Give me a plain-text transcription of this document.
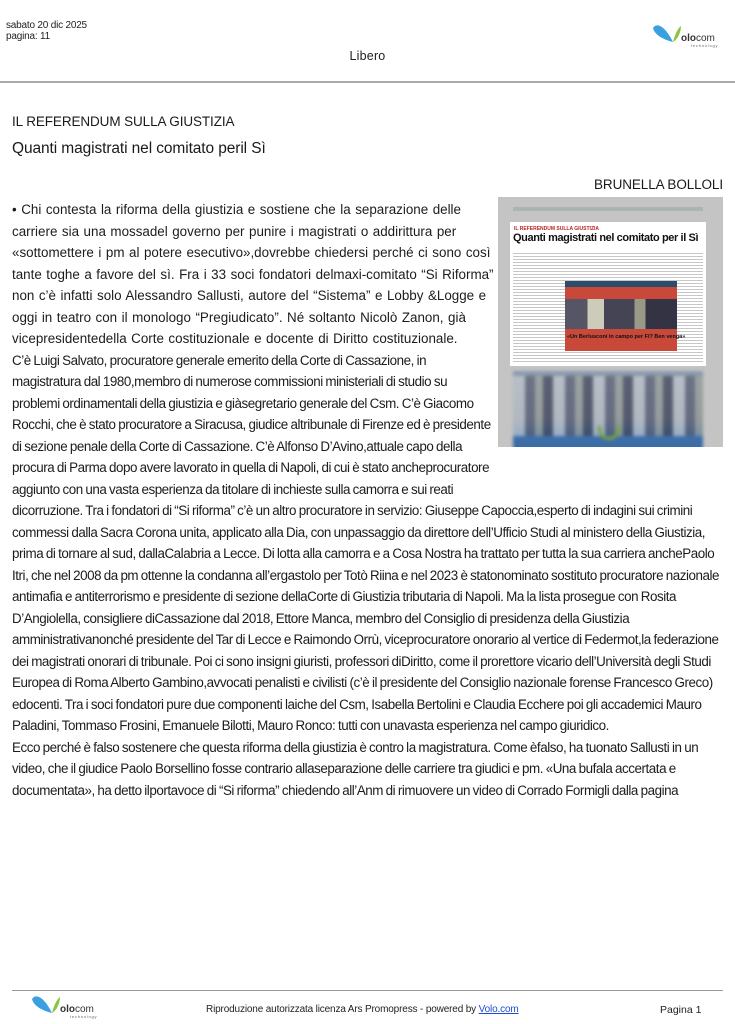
sabato 20 dic 2025
pagina: 11	olocom
technology
Libero
IL REFERENDUM SULLA GIUSTIZIA
Quanti magistrati nel comitato peril Sì
BRUNELLA BOLLOLI
IL REFERENDUM SULLA GIUSTIZIA
Quanti magistrati nel comitato per il Sì
«Un Berlusconi in campo per FI? Ben venga»

• Chi contesta la riforma della giustizia e sostiene che la separazione delle carriere sia una mossadel governo per punire i magistrati o addirittura per «sottomettere i pm al potere esecutivo»,dovrebbe chiedersi perché ci sono così tante toghe a favore del sì. Fra i 33 soci fondatori delmaxi-comitato “Si Riforma” non c’è infatti solo Alessandro Sallusti, autore del “Sistema” e Lobby &Logge e oggi in teatro con il monologo “Pregiudicato”. Né soltanto Nicolò Zanon, già vicepresidentedella Corte costituzionale e docente di Diritto costituzionale.

C’è Luigi Salvato, procuratore generale emerito della Corte di Cassazione, in magistratura dal 1980,membro di numerose commissioni ministeriali di studio su problemi ordinamentali della giustizia e giàsegretario generale del Csm. C’è Giacomo Rocchi, che è stato procuratore a Siracusa, giudice altribunale di Firenze ed è presidente di sezione penale della Corte di Cassazione. C’è Alfonso D’Avino,attuale capo della procura di Parma dopo avere lavorato in quella di Napoli, di cui è stato ancheprocuratore aggiunto con una vasta esperienza da titolare di inchieste sulla camorra e sui reati dicorruzione. Tra i fondatori di “Si riforma” c’è un altro procuratore in servizio: Giuseppe Capoccia,esperto di indagini sui crimini commessi dalla Sacra Corona unita, applicato alla Dia, con unpassaggio da direttore dell’Ufficio Studi al ministero della Giustizia, prima di tornare al sud, dallaCalabria a Lecce. Di lotta alla camorra e a Cosa Nostra ha trattato per tutta la sua carriera anchePaolo Itri, che nel 2008 da pm ottenne la condanna all’ergastolo per Totò Riina e nel 2023 è statonominato sostituto procuratore nazionale antimafia e antiterrorismo e presidente di sezione dellaCorte di Giustizia tributaria di Napoli. Ma la lista prosegue con Rosita D’Angiolella, consigliere diCassazione dal 2018, Ettore Manca, membro del Consiglio di presidenza della Giustizia amministrativanonché presidente del Tar di Lecce e Raimondo Orrù, viceprocuratore onorario al vertice di Federmot,la federazione dei magistrati onorari di tribunale. Poi ci sono insigni giuristi, professori diDiritto, come il prorettore vicario dell’Università degli Studi Europea di Roma Alberto Gambino,avvocati penalisti e civilisti (c’è il presidente del Consiglio nazionale forense Francesco Greco) edocenti. Tra i soci fondatori pure due componenti laiche del Csm, Isabella Bertolini e Claudia Ecchere poi gli accademici Mauro Paladini, Tommaso Frosini, Emanuele Bilotti, Mauro Ronco: tutti con unavasta esperienza nel campo giuridico.

Ecco perché è falso sostenere che questa riforma della giustizia è contro la magistratura. Come èfalso, ha tuonato Sallusti in un video, che il giudice Paolo Borsellino fosse contrario allaseparazione delle carriere tra giudici e pm. «Una bufala accertata e documentata», ha detto ilportavoce di “Si riforma” chiedendo all’Anm di rimuovere un video di Corrado Formigli dalla pagina

olocom
technology
Riproduzione autorizzata licenza Ars Promopress - powered by Volo.com	Pagina 1
